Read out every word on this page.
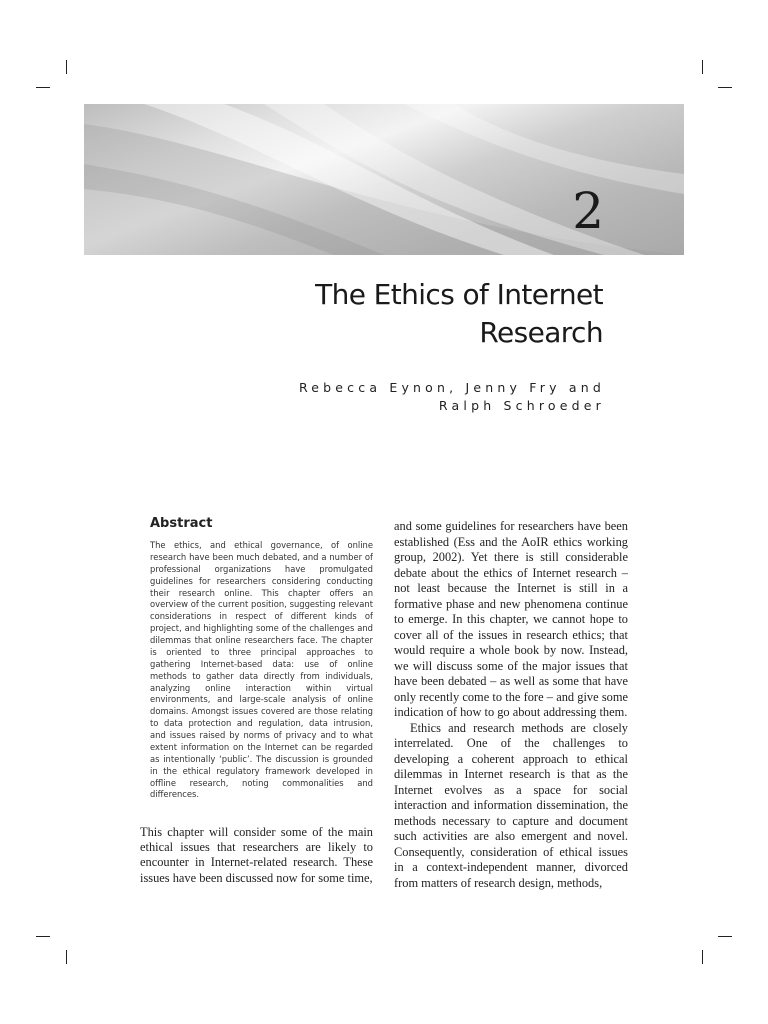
2
The Ethics of Internet
Research
Rebecca Eynon, Jenny Fry and
Ralph Schroeder
Abstract

The ethics, and ethical governance, of online research have been much debated, and a number of professional organizations have promulgated guidelines for researchers considering conducting their research online. This chapter offers an overview of the current position, suggesting relevant considerations in respect of different kinds of project, and highlighting some of the challenges and dilemmas that online researchers face. The chapter is oriented to three principal approaches to gathering Internet-based data: use of online methods to gather data directly from individuals, analyzing online interaction within virtual environments, and large-scale analysis of online domains. Amongst issues covered are those relating to data protection and regulation, data intrusion, and issues raised by norms of privacy and to what extent information on the Internet can be regarded as intentionally ‘public’. The discussion is grounded in the ethical regulatory framework developed in offline research, noting commonalities and differences.

This chapter will consider some of the main ethical issues that researchers are likely to encounter in Internet-related research. These issues have been discussed now for some time,

and some guidelines for researchers have been established (Ess and the AoIR ethics working group, 2002). Yet there is still considerable debate about the ethics of Internet research – not least because the Internet is still in a formative phase and new phenomena continue to emerge. In this chapter, we cannot hope to cover all of the issues in research ethics; that would require a whole book by now. Instead, we will discuss some of the major issues that have been debated – as well as some that have only recently come to the fore – and give some indication of how to go about addressing them.

Ethics and research methods are closely interrelated. One of the challenges to developing a coherent approach to ethical dilemmas in Internet research is that as the Internet evolves as a space for social interaction and information dissemination, the methods necessary to capture and document such activities are also emergent and novel. Consequently, consideration of ethical issues in a context-independent manner, divorced from matters of research design, methods,
